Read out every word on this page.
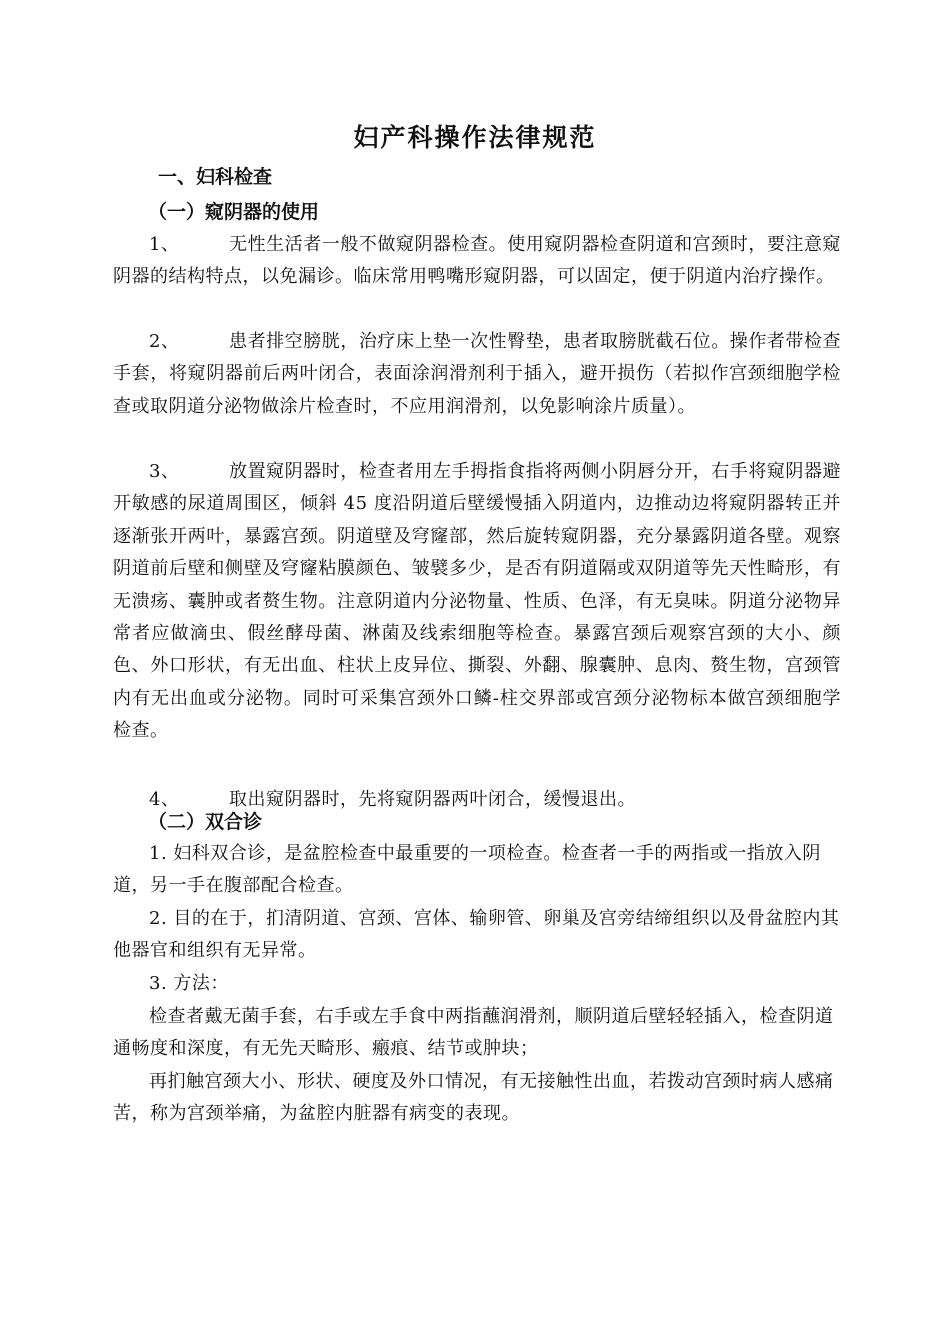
妇产科操作法律规范
一、妇科检查
（一）窥阴器的使用
1、	无性生活者一般不做窥阴器检查。使用窥阴器检查阴道和宫颈时，要注意窥阴器的结构特点，以免漏诊。临床常用鸭嘴形窥阴器，可以固定，便于阴道内治疗操作。
2、	患者排空膀胱，治疗床上垫一次性臀垫，患者取膀胱截石位。操作者带检查手套，将窥阴器前后两叶闭合，表面涂润滑剂利于插入，避开损伤（若拟作宫颈细胞学检查或取阴道分泌物做涂片检查时，不应用润滑剂，以免影响涂片质量）。
3、	放置窥阴器时，检查者用左手拇指食指将两侧小阴唇分开，右手将窥阴器避开敏感的尿道周围区，倾斜 45 度沿阴道后壁缓慢插入阴道内，边推动边将窥阴器转正并逐渐张开两叶，暴露宫颈。阴道壁及穹窿部，然后旋转窥阴器，充分暴露阴道各壁。观察阴道前后壁和侧壁及穹窿粘膜颜色、皱襞多少，是否有阴道隔或双阴道等先天性畸形，有无溃疡、囊肿或者赘生物。注意阴道内分泌物量、性质、色泽，有无臭味。阴道分泌物异常者应做滴虫、假丝酵母菌、淋菌及线索细胞等检查。暴露宫颈后观察宫颈的大小、颜色、外口形状，有无出血、柱状上皮异位、撕裂、外翻、腺囊肿、息肉、赘生物，宫颈管内有无出血或分泌物。同时可采集宫颈外口鳞-柱交界部或宫颈分泌物标本做宫颈细胞学检查。
4、	取出窥阴器时，先将窥阴器两叶闭合，缓慢退出。
（二）双合诊
1. 妇科双合诊，是盆腔检查中最重要的一项检查。检查者一手的两指或一指放入阴道，另一手在腹部配合检查。
2. 目的在于，扪清阴道、宫颈、宫体、输卵管、卵巢及宫旁结缔组织以及骨盆腔内其他器官和组织有无异常。
3. 方法：
检查者戴无菌手套，右手或左手食中两指蘸润滑剂，顺阴道后壁轻轻插入，检查阴道通畅度和深度，有无先天畸形、瘢痕、结节或肿块；
再扪触宫颈大小、形状、硬度及外口情况，有无接触性出血，若拨动宫颈时病人感痛苦，称为宫颈举痛，为盆腔内脏器有病变的表现。
